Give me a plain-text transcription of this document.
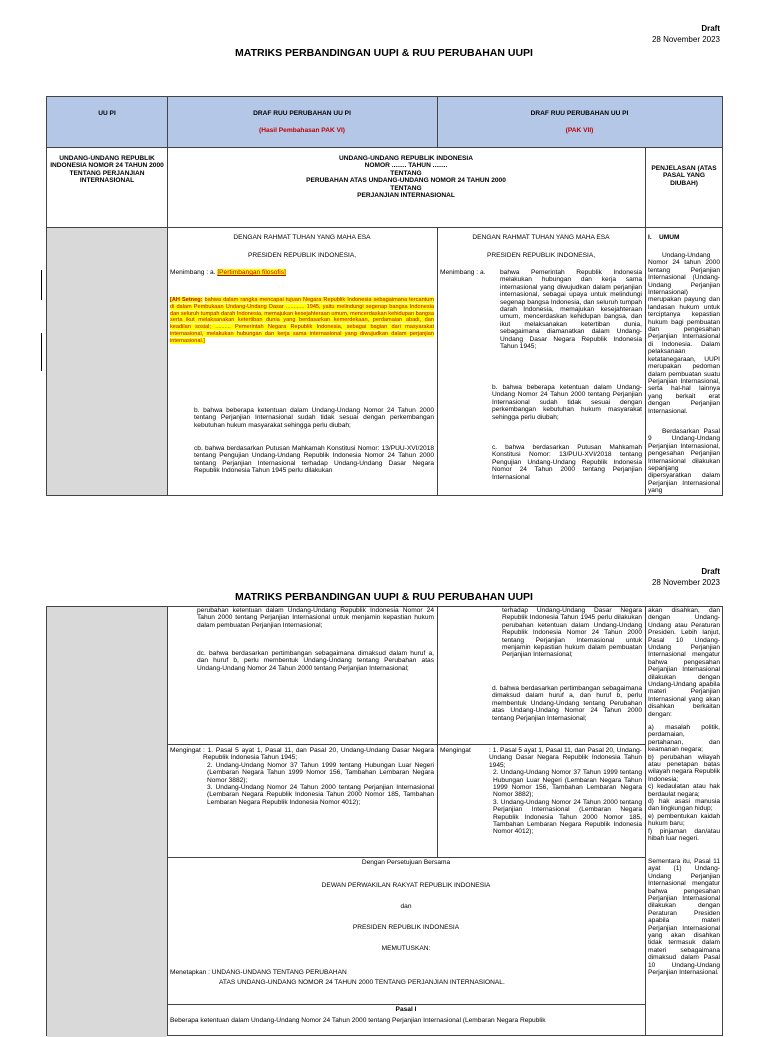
Draft
28 November 2023
MATRIKS PERBANDINGAN UUPI & RUU PERUBAHAN UUPI
UU PI	DRAF RUU PERUBAHAN UU PI
(Hasil Pembahasan PAK VI)
DRAF RUU PERUBAHAN UU PI
(PAK VII)
UNDANG-UNDANG REPUBLIK INDONESIA NOMOR 24 TAHUN 2000 TENTANG PERJANJIAN INTERNASIONAL
UNDANG-UNDANG REPUBLIK INDONESIA
NOMOR ........ TAHUN ........
TENTANG
PERUBAHAN ATAS UNDANG-UNDANG NOMOR 24 TAHUN 2000
TENTANG
PERJANJIAN INTERNASIONAL
PENJELASAN (ATAS PASAL YANG DIUBAH)
DENGAN RAHMAT TUHAN YANG MAHA ESA
PRESIDEN REPUBLIK INDONESIA,
Menimbang : a. [Pertimbangan filosofis]
[AH Setneg: bahwa dalam rangka mencapai tujuan Negara Republik Indonesia sebagaimana tercantum di dalam Pembukaan Undang-Undang Dasar ............ 1945, yaitu melindungi segenap bangsa Indonesia dan seluruh tumpah darah Indonesia, memajukan kesejahteraan umum, mencerdaskan kehidupan bangsa serta ikut melaksanakan ketertiban dunia yang berdasarkan kemerdekaan, perdamaian abadi, dan keadilan sosial; .......... Pemerintah Negara Republik Indonesia, sebagai bagian dari masyarakat internasional, melakukan hubungan dan kerja sama internasional yang diwujudkan dalam perjanjian internasional.]
b. bahwa beberapa ketentuan dalam Undang-Undang Nomor 24 Tahun 2000 tentang Perjanjian Internasional sudah tidak sesuai dengan perkembangan kebutuhan hukum masyarakat sehingga perlu diubah;
cb. bahwa berdasarkan Putusan Mahkamah Konstitusi Nomor: 13/PUU-XVI/2018 tentang Pengujian Undang-Undang Republik Indonesia Nomor 24 Tahun 2000 tentang Perjanjian Internasional terhadap Undang-Undang Dasar Negara Republik Indonesia Tahun 1945 perlu dilakukan
DENGAN RAHMAT TUHAN YANG MAHA ESA
PRESIDEN REPUBLIK INDONESIA,
Menimbang : a. bahwa Pemerintah Republik Indonesia melakukan hubungan dan kerja sama internasional yang diwujudkan dalam perjanjian internasional, sebagai upaya untuk melindungi segenap bangsa Indonesia, dan seluruh tumpah darah Indonesia, memajukan kesejahteraan umum, mencerdaskan kehidupan bangsa, dan ikut melaksanakan ketertiban dunia, sebagaimana diamanatkan dalam Undang-Undang Dasar Negara Republik Indonesia Tahun 1945;
b. bahwa beberapa ketentuan dalam Undang-Undang Nomor 24 Tahun 2000 tentang Perjanjian Internasional sudah tidak sesuai dengan perkembangan kebutuhan hukum masyarakat sehingga perlu diubah;
c. bahwa berdasarkan Putusan Mahkamah Konstitusi Nomor: 13/PUU-XVI/2018 tentang Pengujian Undang-Undang Republik Indonesia Nomor 24 Tahun 2000 tentang Perjanjian Internasional
I. UMUM
Undang-Undang Nomor 24 tahun 2000 tentang Perjanjian Internasional (Undang-Undang Perjanjian Internasional) merupakan payung dan landasan hukum untuk terciptanya kepastian hukum bagi pembuatan dan pengesahan Perjanjian Internasional di Indonesia. Dalam pelaksanaan ketatanegaraan, UUPI merupakan pedoman dalam pembuatan suatu Perjanjian Internasional, serta hal-hal lainnya yang berkait erat dengan Perjanjian Internasional.
Berdasarkan Pasal 9 Undang-Undang Perjanjian Internasional, pengesahan Perjanjian Internasional dilakukan sepanjang dipersyaratkan dalam Perjanjian Internasional yang
Draft
28 November 2023
MATRIKS PERBANDINGAN UUPI & RUU PERUBAHAN UUPI
perubahan ketentuan dalam Undang-Undang Republik Indonesia Nomor 24 Tahun 2000 tentang Perjanjian Internasional untuk menjamin kepastian hukum dalam pembuatan Perjanjian Internasional;
dc. bahwa berdasarkan pertimbangan sebagaimana dimaksud dalam huruf a, dan huruf b, perlu membentuk Undang-Undang tentang Perubahan atas Undang-Undang Nomor 24 Tahun 2000 tentang Perjanjian Internasional;
terhadap Undang-Undang Dasar Negara Republik Indonesia Tahun 1945 perlu dilakukan perubahan ketentuan dalam Undang-Undang Republik Indonesia Nomor 24 Tahun 2000 tentang Perjanjian Internasional untuk menjamin kepastian hukum dalam pembuatan Perjanjian Internasional;
d. bahwa berdasarkan pertimbangan sebagaimana dimaksud dalam huruf a, dan huruf b, perlu membentuk Undang-Undang tentang Perubahan atas Undang-Undang Nomor 24 Tahun 2000 tentang Perjanjian Internasional;
Mengingat : 1. Pasal 5 ayat 1, Pasal 11, dan Pasal 20, Undang-Undang Dasar Negara Republik Indonesia Tahun 1945;
2. Undang-Undang Nomor 37 Tahun 1999 tentang Hubungan Luar Negeri (Lembaran Negara Tahun 1999 Nomor 156, Tambahan Lembaran Negara Nomor 3882);
3. Undang-Undang Nomor 24 Tahun 2000 tentang Perjanjian Internasional (Lembaran Negara Republik Indonesia Tahun 2000 Nomor 185, Tambahan Lembaran Negara Republik Indonesia Nomor 4012);
Mengingat	: 1. Pasal 5 ayat 1, Pasal 11, dan Pasal 20, Undang-Undang Dasar Negara Republik Indonesia Tahun 1945;
2. Undang-Undang Nomor 37 Tahun 1999 tentang Hubungan Luar Negeri (Lembaran Negara Tahun 1999 Nomor 156, Tambahan Lembaran Negara Nomor 3882);
3. Undang-Undang Nomor 24 Tahun 2000 tentang Perjanjian Internasional (Lembaran Negara Republik Indonesia Tahun 2000 Nomor 185, Tambahan Lembaran Negara Republik Indonesia Nomor 4012);
Dengan Persetujuan Bersama
DEWAN PERWAKILAN RAKYAT REPUBLIK INDONESIA
dan
PRESIDEN REPUBLIK INDONESIA
MEMUTUSKAN:
Menetapkan : UNDANG-UNDANG TENTANG PERUBAHAN
ATAS UNDANG-UNDANG NOMOR 24 TAHUN 2000 TENTANG PERJANJIAN INTERNASIONAL.
Pasal I
Beberapa ketentuan dalam Undang-Undang Nomor 24 Tahun 2000 tentang Perjanjian Internasional (Lembaran Negara Republik
akan disahkan, dan dengan Undang-Undang atau Peraturan Presiden. Lebih lanjut, Pasal 10 Undang-Undang Perjanjian Internasional mengatur bahwa pengesahan Perjanjian Internasional dilakukan dengan Undang-Undang apabila materi Perjanjian Internasional yang akan disahkan berkaitan dengan:
a) masalah politik, perdamaian, pertahanan, dan keamanan negara;
b) perubahan wilayah atau penetapan batas wilayah negara Republik Indonesia;
c) kedaulatan atau hak berdaulat negara;
d) hak asasi manusia dan lingkungan hidup;
e) pembentukan kaidah hukum baru;
f) pinjaman dan/atau hibah luar negeri.
Sementara itu, Pasal 11 ayat (1) Undang-Undang Perjanjian Internasional mengatur bahwa pengesahan Perjanjian Internasional dilakukan dengan Peraturan Presiden apabila materi Perjanjian Internasional yang akan disahkan tidak termasuk dalam materi sebagaimana dimaksud dalam Pasal 10 Undang-Undang Perjanjian Internasional.
